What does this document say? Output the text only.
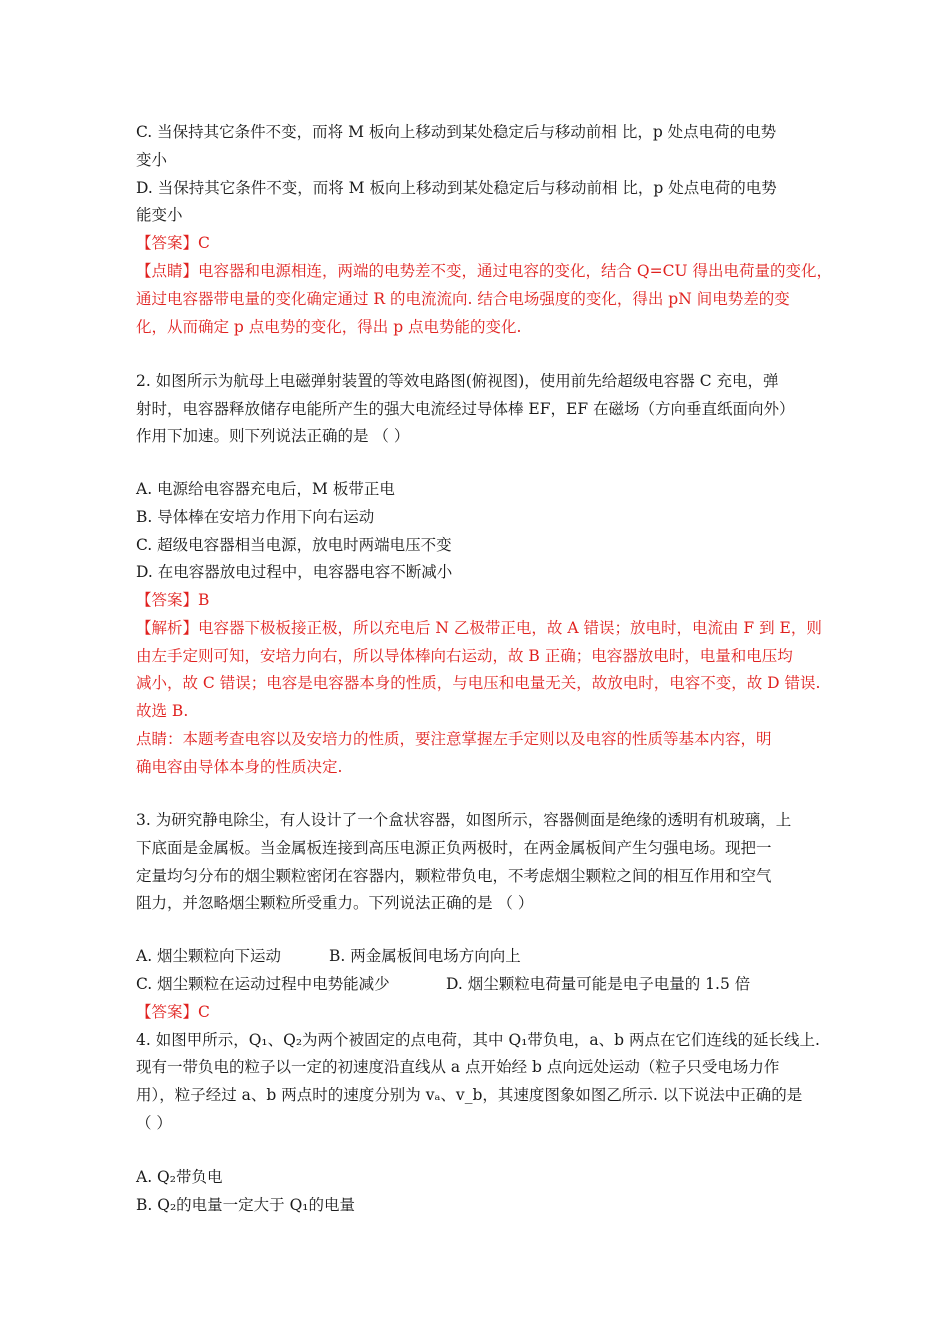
C. 当保持其它条件不变，而将 M 板向上移动到某处稳定后与移动前相 比，p 处点电荷的电势
变小
D. 当保持其它条件不变，而将 M 板向上移动到某处稳定后与移动前相 比，p 处点电荷的电势
能变小
【答案】C
【点睛】电容器和电源相连，两端的电势差不变，通过电容的变化，结合 Q=CU 得出电荷量的变化，
通过电容器带电量的变化确定通过 R 的电流流向. 结合电场强度的变化，得出 pN 间电势差的变
化，从而确定 p 点电势的变化，得出 p 点电势能的变化.
2. 如图所示为航母上电磁弹射装置的等效电路图(俯视图)，使用前先给超级电容器 C 充电，弹
射时，电容器释放储存电能所产生的强大电流经过导体棒 EF，EF 在磁场（方向垂直纸面向外）
作用下加速。则下列说法正确的是 （ ）
A. 电源给电容器充电后，M 板带正电
B. 导体棒在安培力作用下向右运动
C. 超级电容器相当电源，放电时两端电压不变
D. 在电容器放电过程中，电容器电容不断减小
【答案】B
【解析】电容器下极板接正极，所以充电后 N 乙极带正电，故 A 错误；放电时，电流由 F 到 E，则
由左手定则可知，安培力向右，所以导体棒向右运动，故 B 正确；电容器放电时，电量和电压均
减小，故 C 错误；电容是电容器本身的性质，与电压和电量无关，故放电时，电容不变，故 D 错误.
故选 B.
点睛：本题考查电容以及安培力的性质，要注意掌握左手定则以及电容的性质等基本内容，明
确电容由导体本身的性质决定.
3. 为研究静电除尘，有人设计了一个盒状容器，如图所示，容器侧面是绝缘的透明有机玻璃，上
下底面是金属板。当金属板连接到高压电源正负两极时，在两金属板间产生匀强电场。现把一
定量均匀分布的烟尘颗粒密闭在容器内，颗粒带负电，不考虑烟尘颗粒之间的相互作用和空气
阻力，并忽略烟尘颗粒所受重力。下列说法正确的是 （ ）
A. 烟尘颗粒向下运动	B. 两金属板间电场方向向上
C. 烟尘颗粒在运动过程中电势能减少	D. 烟尘颗粒电荷量可能是电子电量的 1.5 倍
【答案】C
4. 如图甲所示，Q₁、Q₂为两个被固定的点电荷，其中 Q₁带负电，a、b 两点在它们连线的延长线上.
现有一带负电的粒子以一定的初速度沿直线从 a 点开始经 b 点向远处运动（粒子只受电场力作
用），粒子经过 a、b 两点时的速度分别为 vₐ、v_b，其速度图象如图乙所示. 以下说法中正确的是
（ ）
A. Q₂带负电
B. Q₂的电量一定大于 Q₁的电量
